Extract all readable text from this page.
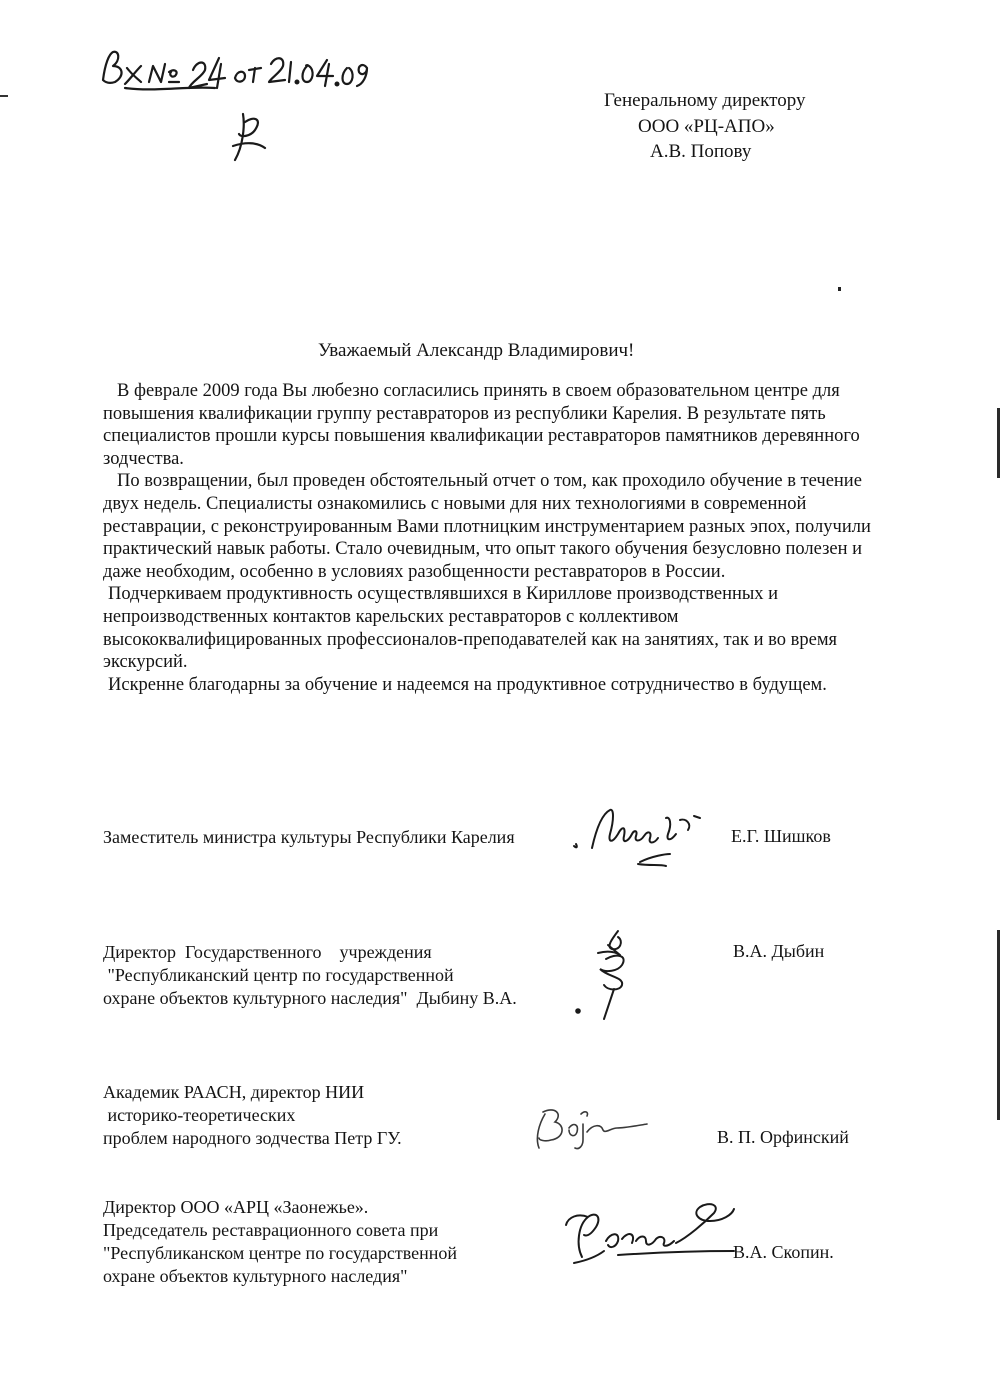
Генеральному директору
ООО «РЦ-АПО»
А.В. Попову
Уважаемый Александр Владимирович!

В феврале 2009 года Вы любезно согласились принять в своем образовательном центре для повышения квалификации группу реставраторов из республики Карелия. В результате пять специалистов прошли курсы повышения квалификации реставраторов памятников деревянного зодчества.

По возвращении, был проведен обстоятельный отчет о том, как проходило обучение в течение двух недель. Специалисты ознакомились с новыми для них технологиями в современной реставрации, с реконструированным Вами плотницким инструментарием разных эпох, получили практический навык работы. Стало очевидным, что опыт такого обучения безусловно полезен и даже необходим, особенно в условиях разобщенности реставраторов в России.

Подчеркиваем продуктивность осуществлявшихся в Кириллове производственных и непроизводственных контактов карельских реставраторов с коллективом высококвалифицированных профессионалов-преподавателей как на занятиях, так и во время экскурсий.

Искренне благодарны за обучение и надеемся на продуктивное сотрудничество в будущем.

Заместитель министра культуры Республики Карелия	Е.Г. Шишков
Директор  Государственного    учреждения
"Республиканский центр по государственной
охране объектов культурного наследия"  Дыбину В.А.
В.А. Дыбин
Академик РААСН, директор НИИ
историко-теоретических
проблем народного зодчества Петр ГУ.	В. П. Орфинский
Директор ООО «АРЦ «Заонежье».
Председатель реставрационного совета при
"Республиканском центре по государственной
охране объектов культурного наследия"
В.А. Скопин.
